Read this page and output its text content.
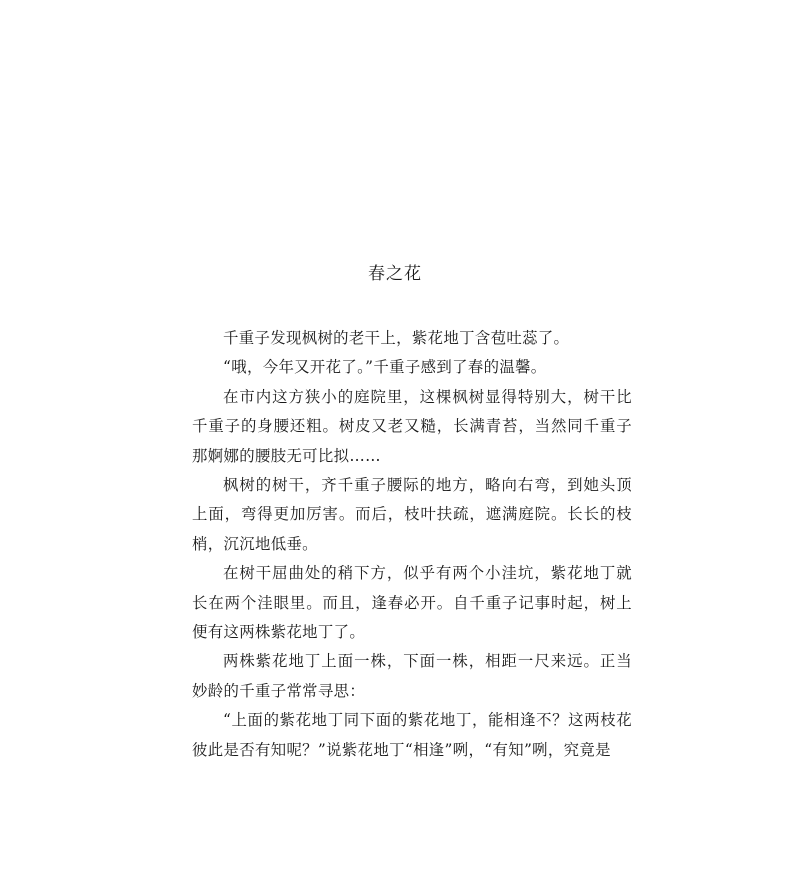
春之花

千重子发现枫树的老干上，紫花地丁含苞吐蕊了。

“哦，今年又开花了。”千重子感到了春的温馨。

在市内这方狭小的庭院里，这棵枫树显得特别大，树干比千重子的身腰还粗。树皮又老又糙，长满青苔，当然同千重子那婀娜的腰肢无可比拟……

枫树的树干，齐千重子腰际的地方，略向右弯，到她头顶上面，弯得更加厉害。而后，枝叶扶疏，遮满庭院。长长的枝梢，沉沉地低垂。

在树干屈曲处的稍下方，似乎有两个小洼坑，紫花地丁就长在两个洼眼里。而且，逢春必开。自千重子记事时起，树上便有这两株紫花地丁了。

两株紫花地丁上面一株，下面一株，相距一尺来远。正当妙龄的千重子常常寻思：

“上面的紫花地丁同下面的紫花地丁，能相逢不？这两枝花彼此是否有知呢？”说紫花地丁“相逢”咧，“有知”咧，究竟是
